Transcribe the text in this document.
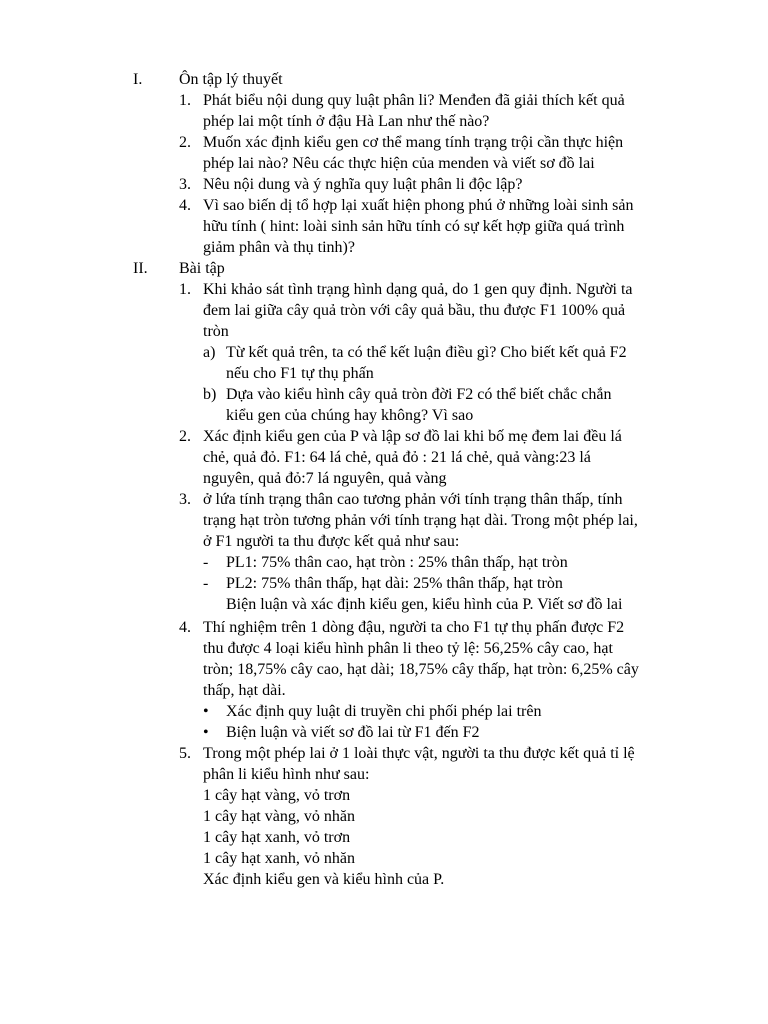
I. Ôn tập lý thuyết
1. Phát biểu nội dung quy luật phân li? Menđen đã giải thích kết quả
phép lai một tính ở đậu Hà Lan như thế nào?
2. Muốn xác định kiểu gen cơ thể mang tính trạng trội cần thực hiện
phép lai nào? Nêu các thực hiện của menden và viết sơ đồ lai
3. Nêu nội dung và ý nghĩa quy luật phân li độc lập?
4. Vì sao biến dị tổ hợp lại xuất hiện phong phú ở những loài sinh sản
hữu tính ( hint: loài sinh sản hữu tính có sự kết hợp giữa quá trình
giảm phân và thụ tinh)?
II. Bài tập
1. Khi khảo sát tình trạng hình dạng quả, do 1 gen quy định. Người ta
đem lai giữa cây quả tròn với cây quả bầu, thu được F1 100% quả
tròn
a) Từ kết quả trên, ta có thể kết luận điều gì? Cho biết kết quả F2
nếu cho F1 tự thụ phấn
b) Dựa vào kiểu hình cây quả tròn đời F2 có thể biết chắc chắn
kiểu gen của chúng hay không? Vì sao
2. Xác định kiểu gen của P và lập sơ đồ lai khi bố mẹ đem lai đều lá
chẻ, quả đỏ. F1: 64 lá chẻ, quả đỏ : 21 lá chẻ, quả vàng:23 lá
nguyên, quả đỏ:7 lá nguyên, quả vàng
3. ở lứa tính trạng thân cao tương phản với tính trạng thân thấp, tính
trạng hạt tròn tương phản với tính trạng hạt dài. Trong một phép lai,
ở F1 người ta thu được kết quả như sau:
- PL1: 75% thân cao, hạt tròn : 25% thân thấp, hạt tròn
- PL2: 75% thân thấp, hạt dài: 25% thân thấp, hạt tròn
Biện luận và xác định kiểu gen, kiểu hình của P. Viết sơ đồ lai
4. Thí nghiệm trên 1 dòng đậu, người ta cho F1 tự thụ phấn được F2
thu được 4 loại kiểu hình phân li theo tỷ lệ: 56,25% cây cao, hạt
tròn; 18,75% cây cao, hạt dài; 18,75% cây thấp, hạt tròn: 6,25% cây
thấp, hạt dài.
• Xác định quy luật di truyền chi phối phép lai trên
• Biện luận và viết sơ đồ lai từ F1 đến F2
5. Trong một phép lai ở 1 loài thực vật, người ta thu được kết quả tỉ lệ
phân li kiểu hình như sau:
1 cây hạt vàng, vỏ trơn
1 cây hạt vàng, vỏ nhăn
1 cây hạt xanh, vỏ trơn
1 cây hạt xanh, vỏ nhăn
Xác định kiểu gen và kiểu hình của P.
